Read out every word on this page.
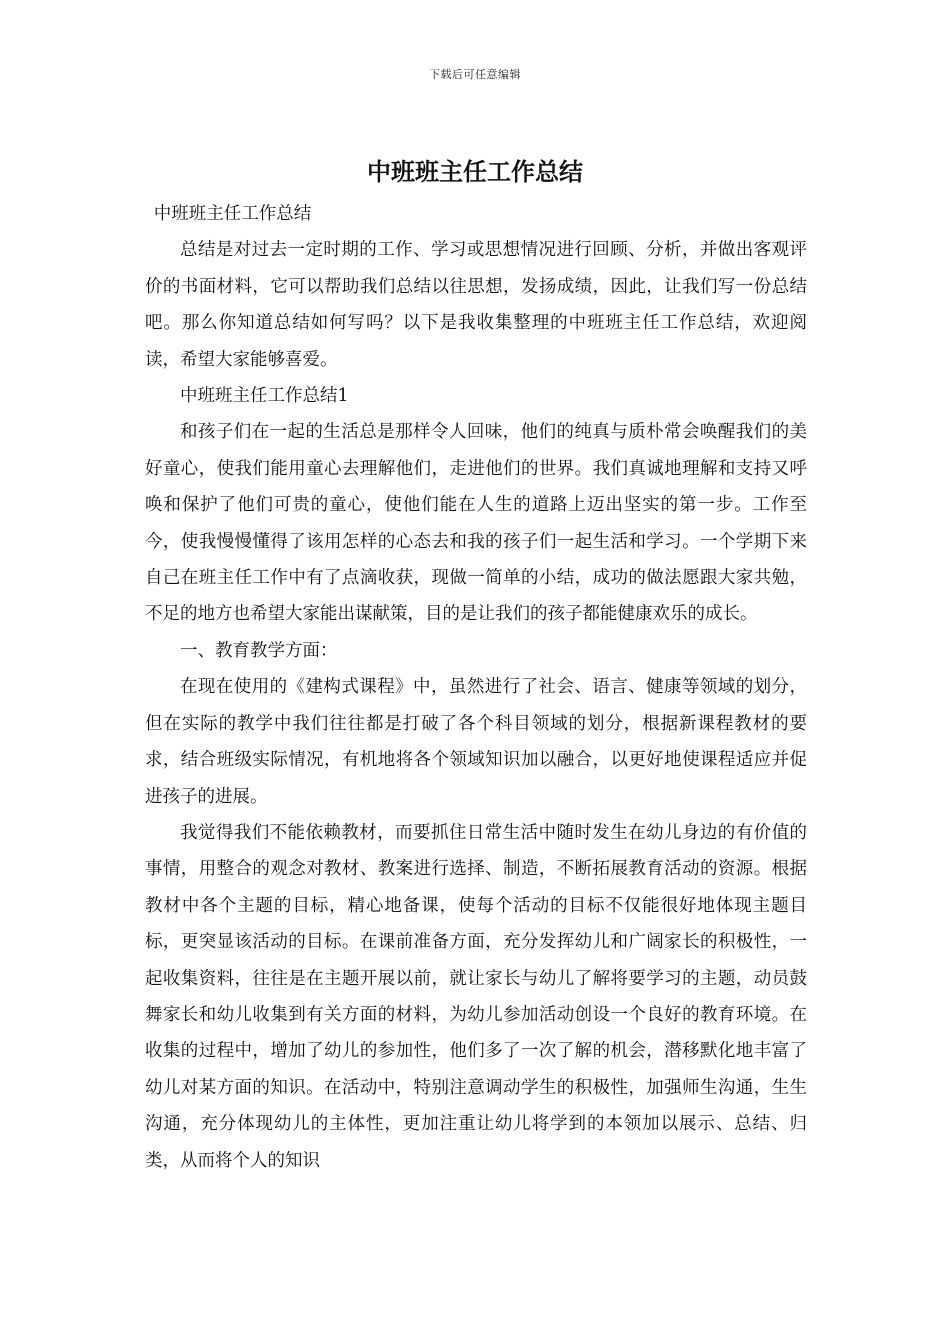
下载后可任意编辑
中班班主任工作总结

中班班主任工作总结

总结是对过去一定时期的工作、学习或思想情况进行回顾、分析，并做出客观评价的书面材料，它可以帮助我们总结以往思想，发扬成绩，因此，让我们写一份总结吧。那么你知道总结如何写吗？以下是我收集整理的中班班主任工作总结，欢迎阅读，希望大家能够喜爱。

中班班主任工作总结1

和孩子们在一起的生活总是那样令人回味，他们的纯真与质朴常会唤醒我们的美好童心，使我们能用童心去理解他们，走进他们的世界。我们真诚地理解和支持又呼唤和保护了他们可贵的童心，使他们能在人生的道路上迈出坚实的第一步。工作至今，使我慢慢懂得了该用怎样的心态去和我的孩子们一起生活和学习。一个学期下来自己在班主任工作中有了点滴收获，现做一简单的小结，成功的做法愿跟大家共勉，不足的地方也希望大家能出谋献策，目的是让我们的孩子都能健康欢乐的成长。

一、教育教学方面：

在现在使用的《建构式课程》中，虽然进行了社会、语言、健康等领域的划分，但在实际的教学中我们往往都是打破了各个科目领域的划分，根据新课程教材的要求，结合班级实际情况，有机地将各个领域知识加以融合，以更好地使课程适应并促进孩子的进展。

我觉得我们不能依赖教材，而要抓住日常生活中随时发生在幼儿身边的有价值的事情，用整合的观念对教材、教案进行选择、制造，不断拓展教育活动的资源。根据教材中各个主题的目标，精心地备课，使每个活动的目标不仅能很好地体现主题目标，更突显该活动的目标。在课前准备方面，充分发挥幼儿和广阔家长的积极性，一起收集资料，往往是在主题开展以前，就让家长与幼儿了解将要学习的主题，动员鼓舞家长和幼儿收集到有关方面的材料，为幼儿参加活动创设一个良好的教育环境。在收集的过程中，增加了幼儿的参加性，他们多了一次了解的机会，潜移默化地丰富了幼儿对某方面的知识。在活动中，特别注意调动学生的积极性，加强师生沟通，生生沟通，充分体现幼儿的主体性，更加注重让幼儿将学到的本领加以展示、总结、归类，从而将个人的知识
